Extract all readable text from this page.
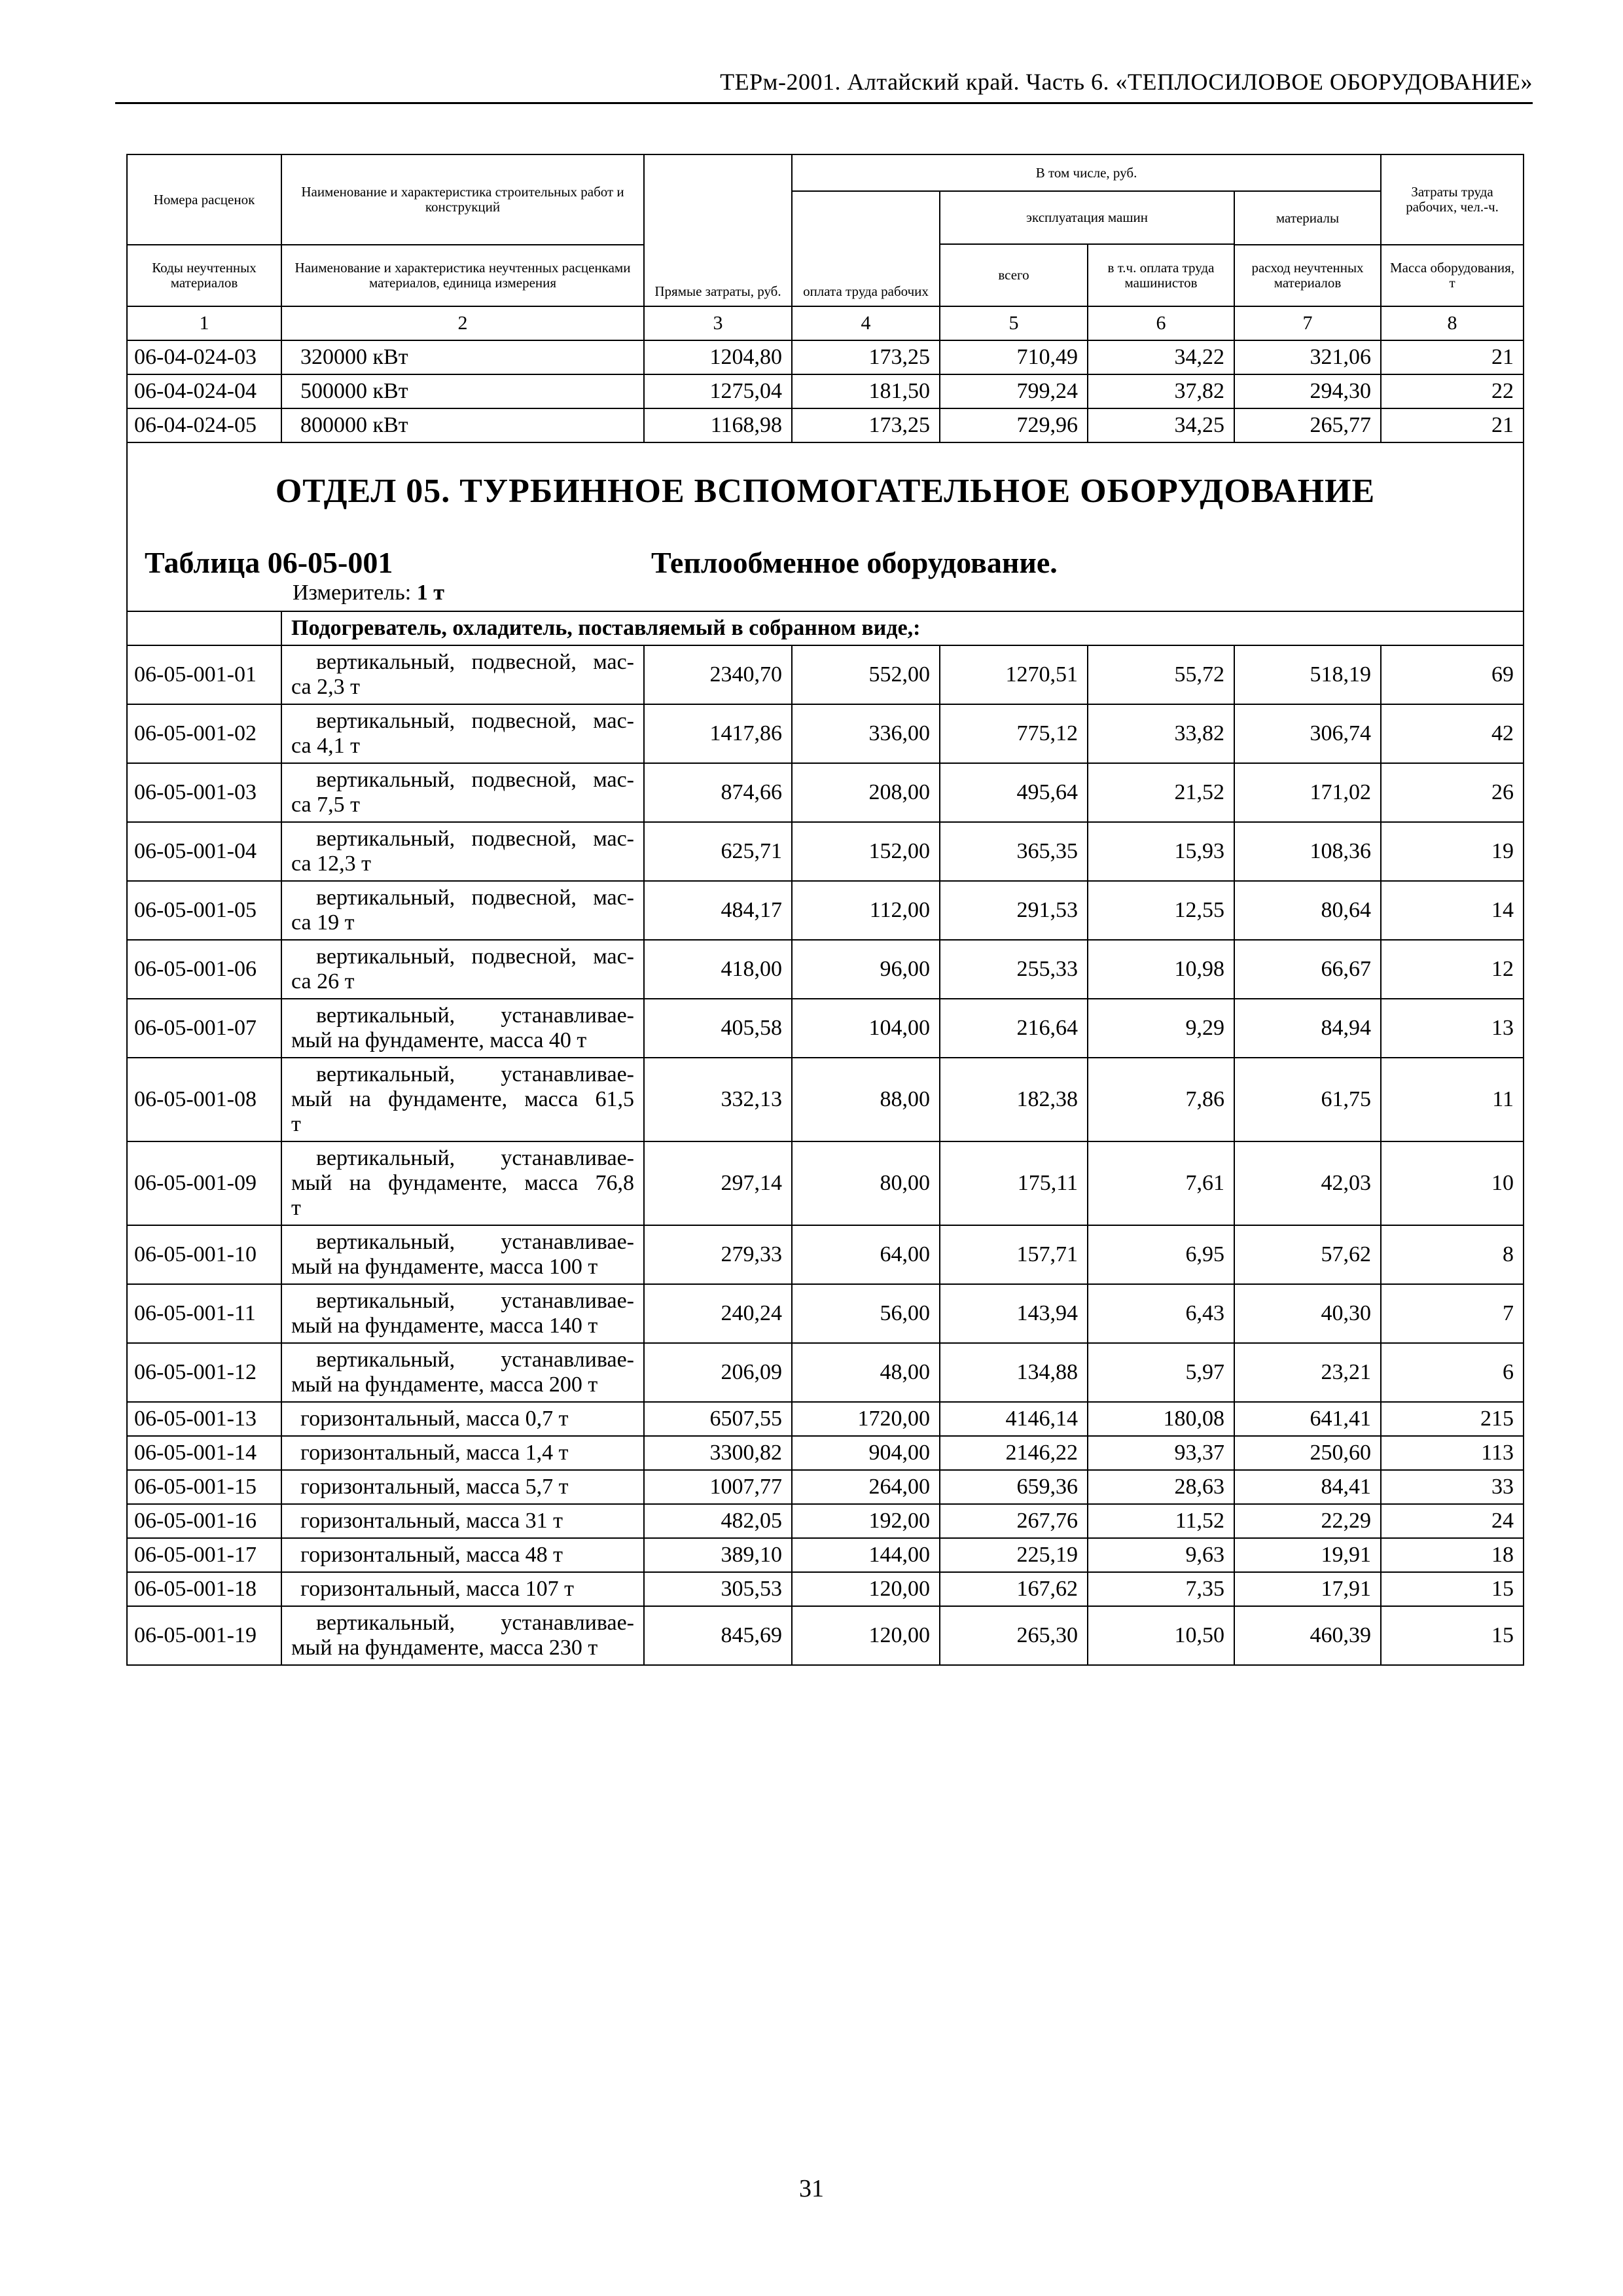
ТЕРм-2001. Алтайский край. Часть 6. «ТЕПЛОСИЛОВОЕ ОБОРУДОВАНИЕ»
Номера расценок	Наименование и характеристика строительных работ и конструкций	Прямые затраты, руб.	В том числе, руб.				Затраты труда рабочих, чел.-ч.
			оплата труда рабочих	эксплуатация машин		материалы	
				всего	в т.ч. оплата труда машинистов		
Коды неучтенных материалов	Наименование и характеристика неучтенных расценками материалов, единица измерения					расход неучтенных материалов	Масса оборудования, т
1	2	3	4	5	6	7	8
06-04-024-03	320000 кВт	1204,80	173,25	710,49	34,22	321,06	21
06-04-024-04	500000 кВт	1275,04	181,50	799,24	37,82	294,30	22
06-04-024-05	800000 кВт	1168,98	173,25	729,96	34,25	265,77	21

ОТДЕЛ 05. ТУРБИННОЕ ВСПОМОГАТЕЛЬНОЕ ОБОРУДОВАНИЕ
Таблица 06-05-001 Теплообменное оборудование.
Измеритель: 1 т							

	Подогреватель, охладитель, поставляемый в собранном виде,:						
06-05-001-01	вертикальный, подвесной, мас-
са 2,3 т	2340,70	552,00	1270,51	55,72	518,19	69
06-05-001-02	вертикальный, подвесной, мас-
са 4,1 т	1417,86	336,00	775,12	33,82	306,74	42
06-05-001-03	вертикальный, подвесной, мас-
са 7,5 т	874,66	208,00	495,64	21,52	171,02	26
06-05-001-04	вертикальный, подвесной, мас-
са 12,3 т	625,71	152,00	365,35	15,93	108,36	19
06-05-001-05	вертикальный, подвесной, мас-
са 19 т	484,17	112,00	291,53	12,55	80,64	14
06-05-001-06	вертикальный, подвесной, мас-
са 26 т	418,00	96,00	255,33	10,98	66,67	12
06-05-001-07	вертикальный, устанавливае-
мый на фундаменте, масса 40 т	405,58	104,00	216,64	9,29	84,94	13
06-05-001-08	вертикальный, устанавливае-
мый на фундаменте, масса 61,5
т	332,13	88,00	182,38	7,86	61,75	11
06-05-001-09	вертикальный, устанавливае-
мый на фундаменте, масса 76,8
т	297,14	80,00	175,11	7,61	42,03	10
06-05-001-10	вертикальный, устанавливае-
мый на фундаменте, масса 100 т	279,33	64,00	157,71	6,95	57,62	8
06-05-001-11	вертикальный, устанавливае-
мый на фундаменте, масса 140 т	240,24	56,00	143,94	6,43	40,30	7
06-05-001-12	вертикальный, устанавливае-
мый на фундаменте, масса 200 т	206,09	48,00	134,88	5,97	23,21	6
06-05-001-13	горизонтальный, масса 0,7 т	6507,55	1720,00	4146,14	180,08	641,41	215
06-05-001-14	горизонтальный, масса 1,4 т	3300,82	904,00	2146,22	93,37	250,60	113
06-05-001-15	горизонтальный, масса 5,7 т	1007,77	264,00	659,36	28,63	84,41	33
06-05-001-16	горизонтальный, масса 31 т	482,05	192,00	267,76	11,52	22,29	24
06-05-001-17	горизонтальный, масса 48 т	389,10	144,00	225,19	9,63	19,91	18
06-05-001-18	горизонтальный, масса 107 т	305,53	120,00	167,62	7,35	17,91	15
06-05-001-19	вертикальный, устанавливае-
мый на фундаменте, масса 230 т	845,69	120,00	265,30	10,50	460,39	15
31
